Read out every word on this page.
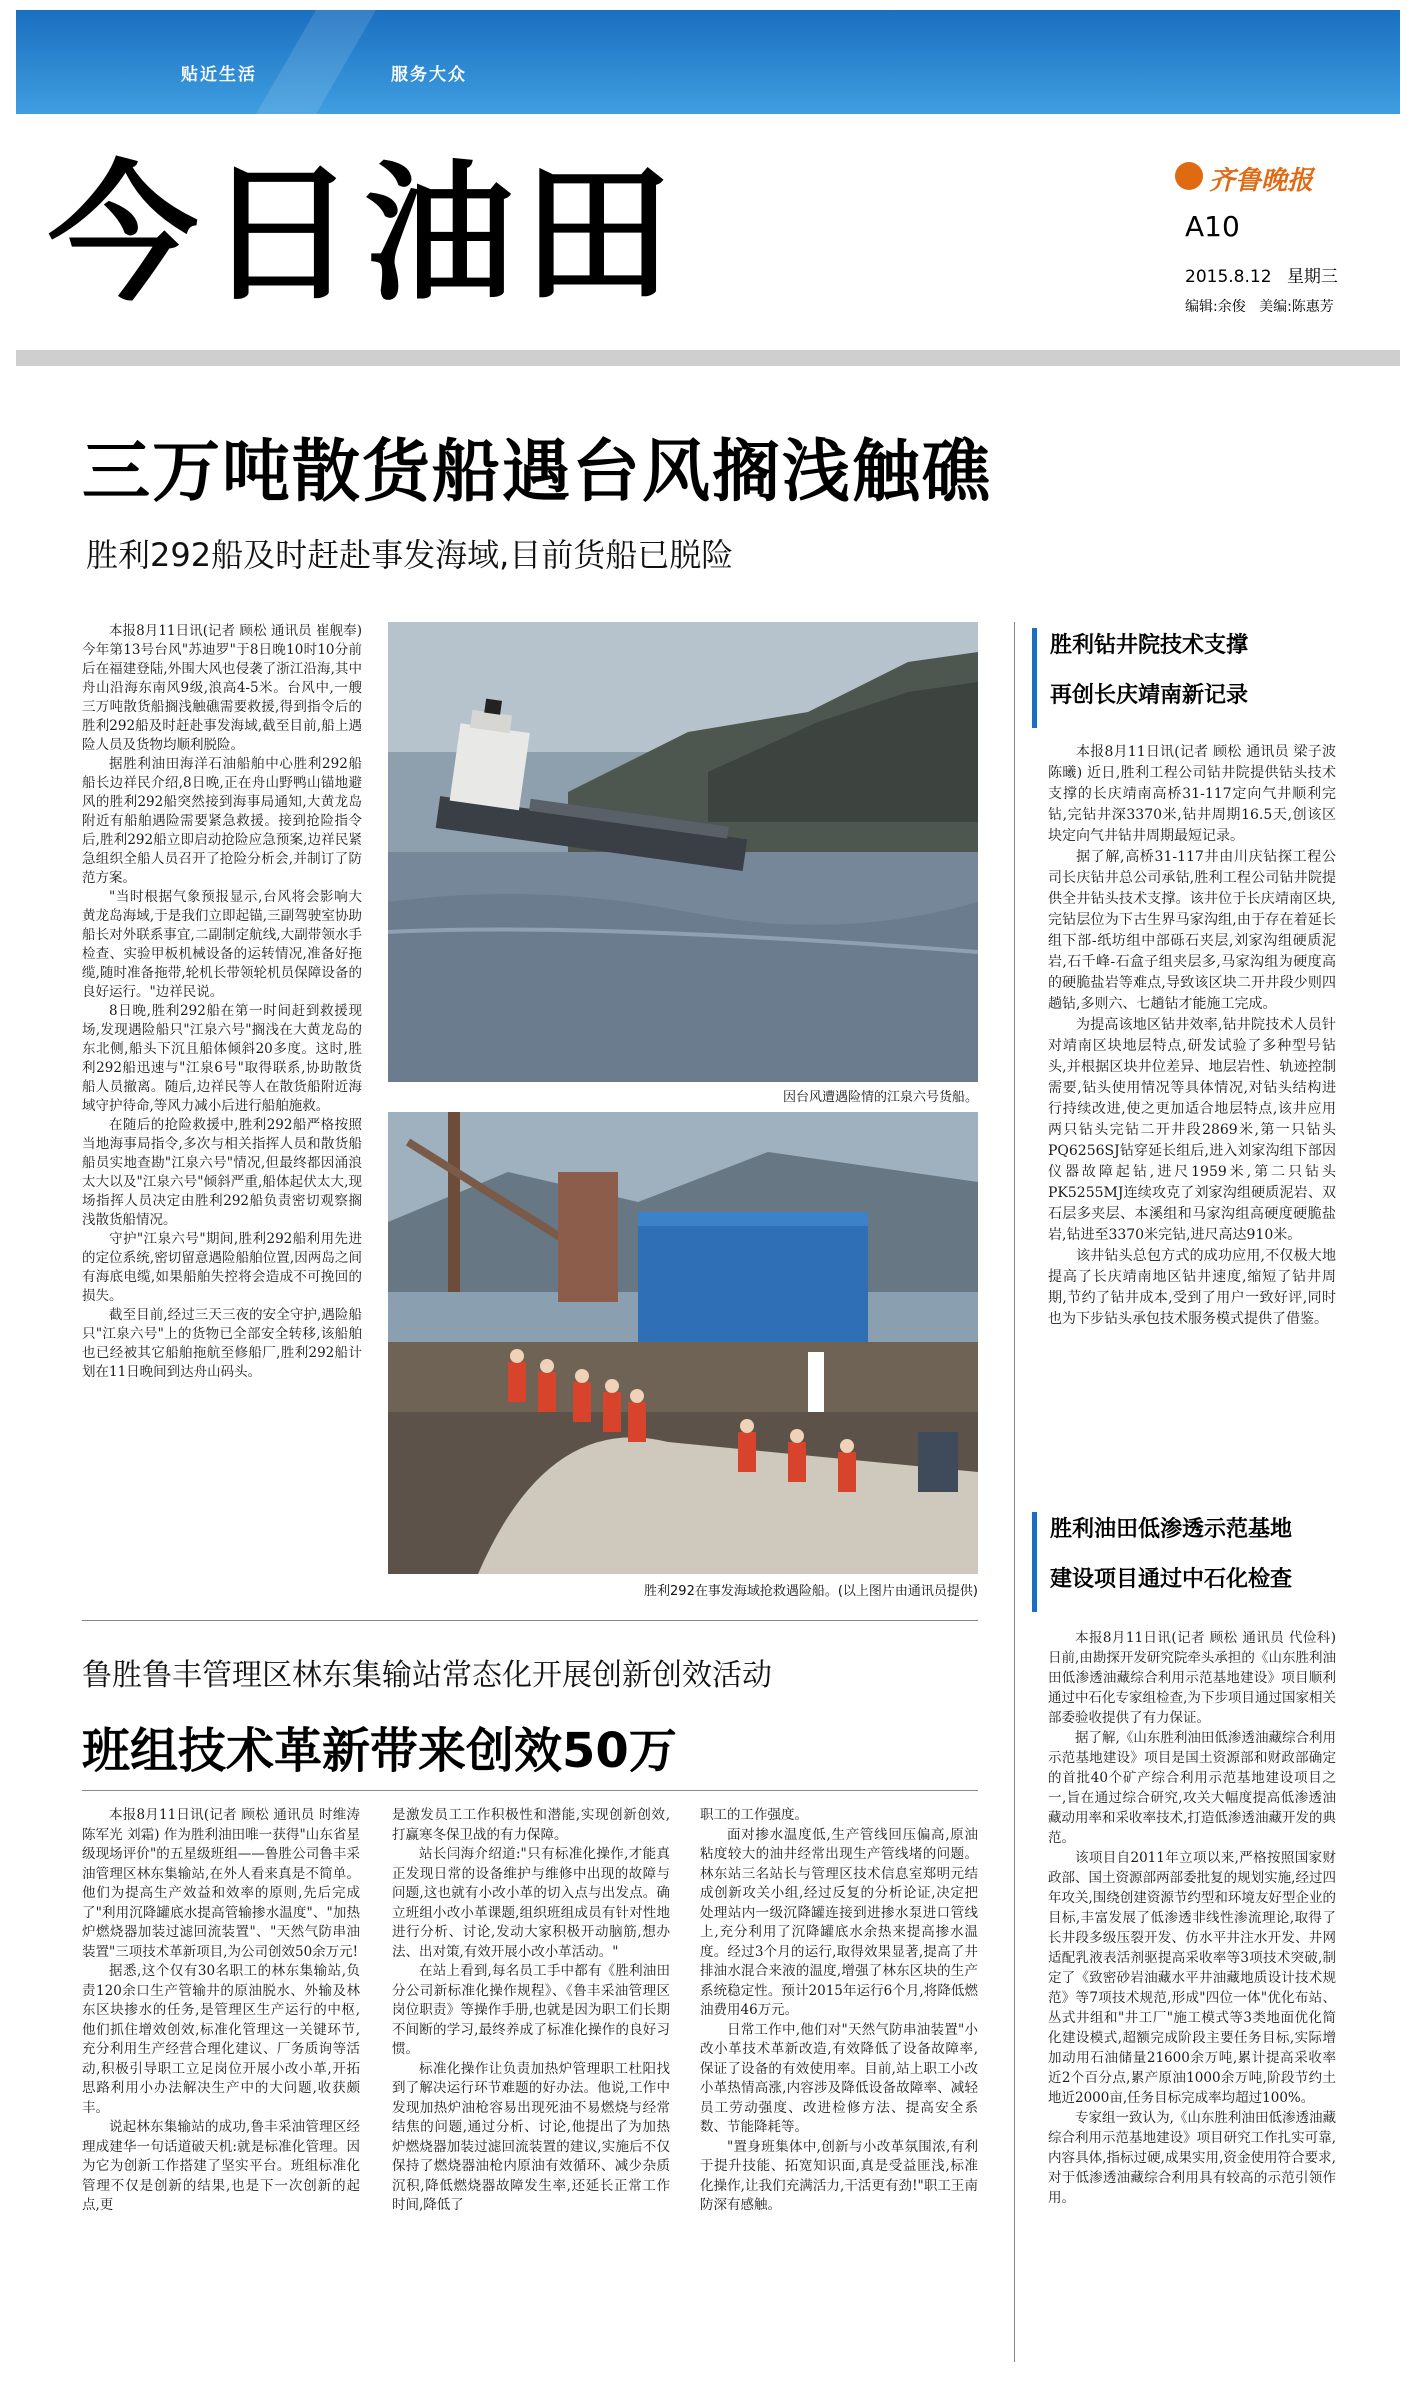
贴近生活	服务大众
今日油田	齐鲁晚报
A10
2015.8.12 星期三
编辑:余俊   美编:陈惠芳
三万吨散货船遇台风搁浅触礁
胜利292船及时赶赴事发海域,目前货船已脱险

本报8月11日讯(记者 顾松 通讯员 崔舰奉) 今年第13号台风"苏迪罗"于8日晚10时10分前后在福建登陆,外围大风也侵袭了浙江沿海,其中舟山沿海东南风9级,浪高4-5米。台风中,一艘三万吨散货船搁浅触礁需要救援,得到指令后的胜利292船及时赶赴事发海域,截至目前,船上遇险人员及货物均顺利脱险。

据胜利油田海洋石油船舶中心胜利292船船长边祥民介绍,8日晚,正在舟山野鸭山锚地避风的胜利292船突然接到海事局通知,大黄龙岛附近有船舶遇险需要紧急救援。接到抢险指令后,胜利292船立即启动抢险应急预案,边祥民紧急组织全船人员召开了抢险分析会,并制订了防范方案。

"当时根据气象预报显示,台风将会影响大黄龙岛海域,于是我们立即起锚,三副驾驶室协助船长对外联系事宜,二副制定航线,大副带领水手检查、实验甲板机械设备的运转情况,准备好拖缆,随时准备拖带,轮机长带领轮机员保障设备的良好运行。"边祥民说。

8日晚,胜利292船在第一时间赶到救援现场,发现遇险船只"江泉六号"搁浅在大黄龙岛的东北侧,船头下沉且船体倾斜20多度。这时,胜利292船迅速与"江泉6号"取得联系,协助散货船人员撤离。随后,边祥民等人在散货船附近海域守护待命,等风力减小后进行船舶施救。

在随后的抢险救援中,胜利292船严格按照当地海事局指令,多次与相关指挥人员和散货船船员实地查勘"江泉六号"情况,但最终都因涌浪太大以及"江泉六号"倾斜严重,船体起伏太大,现场指挥人员决定由胜利292船负责密切观察搁浅散货船情况。

守护"江泉六号"期间,胜利292船利用先进的定位系统,密切留意遇险船舶位置,因两岛之间有海底电缆,如果船舶失控将会造成不可挽回的损失。

截至目前,经过三天三夜的安全守护,遇险船只"江泉六号"上的货物已全部安全转移,该船舶也已经被其它船舶拖航至修船厂,胜利292船计划在11日晚间到达舟山码头。

因台风遭遇险情的江泉六号货船。
胜利292在事发海域抢救遇险船。(以上图片由通讯员提供)
胜利钻井院技术支撑
再创长庆靖南新记录

本报8月11日讯(记者 顾松 通讯员 梁子波 陈曦) 近日,胜利工程公司钻井院提供钻头技术支撑的长庆靖南高桥31-117定向气井顺利完钻,完钻井深3370米,钻井周期16.5天,创该区块定向气井钻井周期最短记录。

据了解,高桥31-117井由川庆钻探工程公司长庆钻井总公司承钻,胜利工程公司钻井院提供全井钻头技术支撑。该井位于长庆靖南区块,完钻层位为下古生界马家沟组,由于存在着延长组下部-纸坊组中部砾石夹层,刘家沟组硬质泥岩,石千峰-石盒子组夹层多,马家沟组为硬度高的硬脆盐岩等难点,导致该区块二开井段少则四趟钻,多则六、七趟钻才能施工完成。

为提高该地区钻井效率,钻井院技术人员针对靖南区块地层特点,研发试验了多种型号钻头,并根据区块井位差异、地层岩性、轨迹控制需要,钻头使用情况等具体情况,对钻头结构进行持续改进,使之更加适合地层特点,该井应用两只钻头完钻二开井段2869米,第一只钻头PQ6256SJ钻穿延长组后,进入刘家沟组下部因仪器故障起钻,进尺1959米,第二只钻头PK5255MJ连续攻克了刘家沟组硬质泥岩、双石层多夹层、本溪组和马家沟组高硬度硬脆盐岩,钻进至3370米完钻,进尺高达910米。

该井钻头总包方式的成功应用,不仅极大地提高了长庆靖南地区钻井速度,缩短了钻井周期,节约了钻井成本,受到了用户一致好评,同时也为下步钻头承包技术服务模式提供了借鉴。

胜利油田低渗透示范基地
建设项目通过中石化检查

本报8月11日讯(记者 顾松 通讯员 代俭科) 日前,由勘探开发研究院牵头承担的《山东胜利油田低渗透油藏综合利用示范基地建设》项目顺利通过中石化专家组检查,为下步项目通过国家相关部委验收提供了有力保证。

据了解,《山东胜利油田低渗透油藏综合利用示范基地建设》项目是国土资源部和财政部确定的首批40个矿产综合利用示范基地建设项目之一,旨在通过综合研究,攻关大幅度提高低渗透油藏动用率和采收率技术,打造低渗透油藏开发的典范。

该项目自2011年立项以来,严格按照国家财政部、国土资源部两部委批复的规划实施,经过四年攻关,围绕创建资源节约型和环境友好型企业的目标,丰富发展了低渗透非线性渗流理论,取得了长井段多级压裂开发、仿水平井注水开发、井网适配乳液表活剂驱提高采收率等3项技术突破,制定了《致密砂岩油藏水平井油藏地质设计技术规范》等7项技术规范,形成"四位一体"优化布站、丛式井组和"井工厂"施工模式等3类地面优化简化建设模式,超额完成阶段主要任务目标,实际增加动用石油储量21600余万吨,累计提高采收率近2个百分点,累产原油1000余万吨,阶段节约土地近2000亩,任务目标完成率均超过100%。

专家组一致认为,《山东胜利油田低渗透油藏综合利用示范基地建设》项目研究工作扎实可靠,内容具体,指标过硬,成果实用,资金使用符合要求,对于低渗透油藏综合利用具有较高的示范引领作用。

鲁胜鲁丰管理区林东集输站常态化开展创新创效活动
班组技术革新带来创效50万

本报8月11日讯(记者 顾松 通讯员 时维涛 陈军光 刘霜) 作为胜利油田唯一获得"山东省星级现场评价"的五星级班组——鲁胜公司鲁丰采油管理区林东集输站,在外人看来真是不简单。他们为提高生产效益和效率的原则,先后完成了"利用沉降罐底水提高管输掺水温度"、"加热炉燃烧器加装过滤回流装置"、"天然气防串油装置"三项技术革新项目,为公司创效50余万元!

据悉,这个仅有30名职工的林东集输站,负责120余口生产管输井的原油脱水、外输及林东区块掺水的任务,是管理区生产运行的中枢,他们抓住增效创效,标准化管理这一关键环节,充分利用生产经营合理化建议、厂务质询等活动,积极引导职工立足岗位开展小改小革,开拓思路利用小办法解决生产中的大问题,收获颇丰。

说起林东集输站的成功,鲁丰采油管理区经理成建华一句话道破天机:就是标准化管理。因为它为创新工作搭建了坚实平台。班组标准化管理不仅是创新的结果,也是下一次创新的起点,更

是激发员工工作积极性和潜能,实现创新创效,打赢寒冬保卫战的有力保障。

站长闫海介绍道:"只有标准化操作,才能真正发现日常的设备维护与维修中出现的故障与问题,这也就有小改小革的切入点与出发点。确立班组小改小革课题,组织班组成员有针对性地进行分析、讨论,发动大家积极开动脑筋,想办法、出对策,有效开展小改小革活动。"

在站上看到,每名员工手中都有《胜利油田分公司新标准化操作规程》、《鲁丰采油管理区岗位职责》等操作手册,也就是因为职工们长期不间断的学习,最终养成了标准化操作的良好习惯。

标准化操作让负责加热炉管理职工杜阳找到了解决运行环节难题的好办法。他说,工作中发现加热炉油枪容易出现死油不易燃烧与经常结焦的问题,通过分析、讨论,他提出了为加热炉燃烧器加装过滤回流装置的建议,实施后不仅保持了燃烧器油枪内原油有效循环、减少杂质沉积,降低燃烧器故障发生率,还延长正常工作时间,降低了

职工的工作强度。

面对掺水温度低,生产管线回压偏高,原油粘度较大的油井经常出现生产管线堵的问题。林东站三名站长与管理区技术信息室郑明元结成创新攻关小组,经过反复的分析论证,决定把处理站内一级沉降罐连接到进掺水泵进口管线上,充分利用了沉降罐底水余热来提高掺水温度。经过3个月的运行,取得效果显著,提高了井排油水混合来液的温度,增强了林东区块的生产系统稳定性。预计2015年运行6个月,将降低燃油费用46万元。

日常工作中,他们对"天然气防串油装置"小改小革技术革新改造,有效降低了设备故障率,保证了设备的有效使用率。目前,站上职工小改小革热情高涨,内容涉及降低设备故障率、减轻员工劳动强度、改进检修方法、提高安全系数、节能降耗等。

"置身班集体中,创新与小改革氛围浓,有利于提升技能、拓宽知识面,真是受益匪浅,标准化操作,让我们充满活力,干活更有劲!"职工王南防深有感触。
